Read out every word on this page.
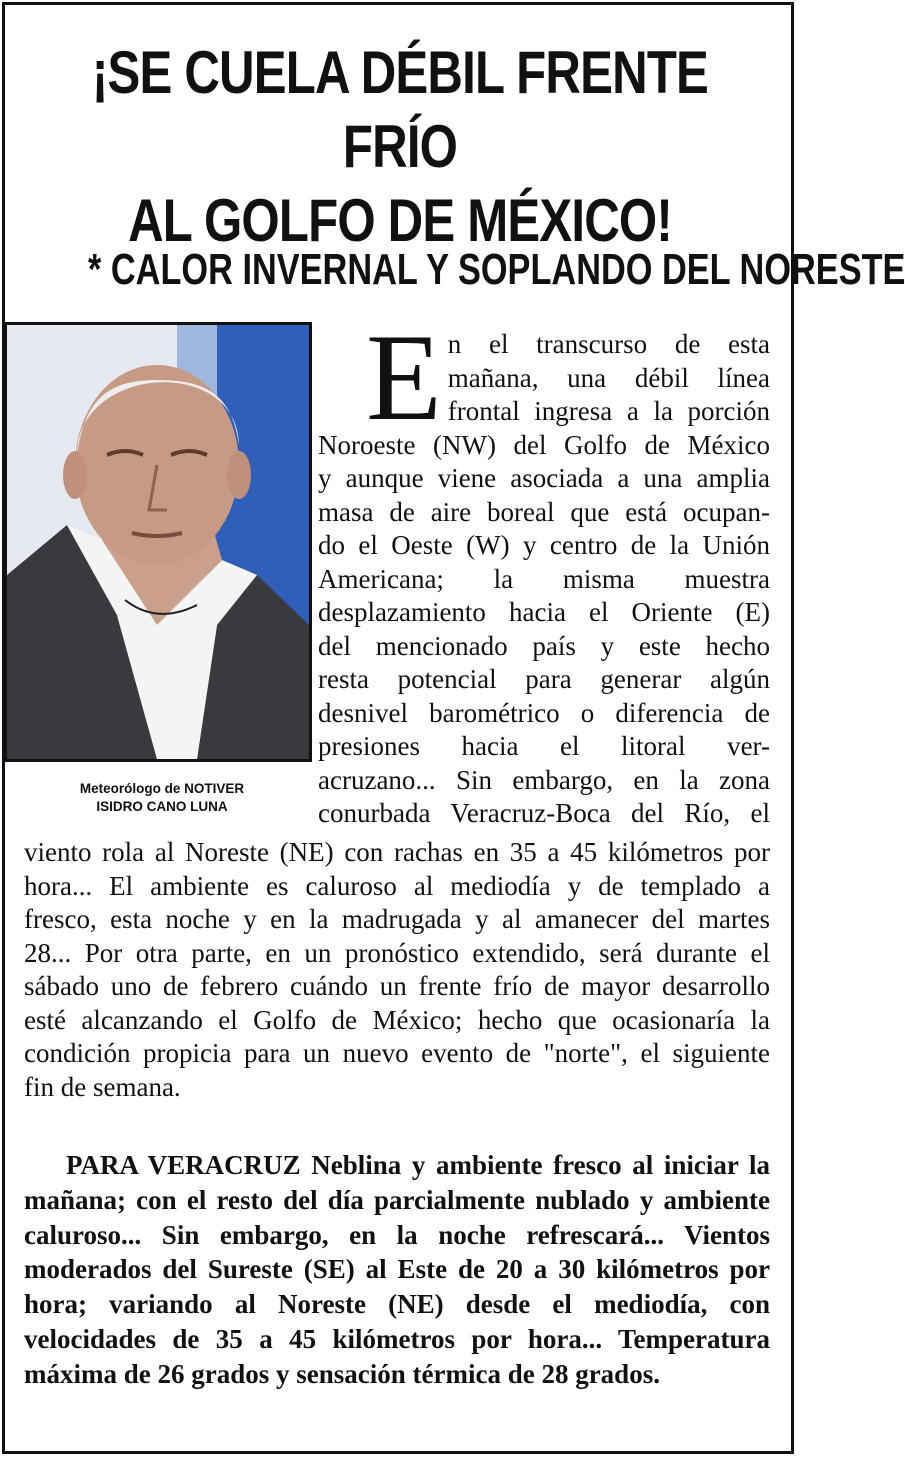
¡SE CUELA DÉBIL FRENTE FRÍO
AL GOLFO DE MÉXICO!
* CALOR INVERNAL Y SOPLANDO DEL NORESTE
Meteorólogo de NOTIVER
ISIDRO CANO LUNA
E n el transcurso de esta
mañana, una débil línea
frontal ingresa a la porción
Noroeste (NW) del Golfo de México
y aunque viene asociada a una amplia
masa de aire boreal que está ocupan-
do el Oeste (W) y centro de la Unión
Americana; la misma muestra
desplazamiento hacia el Oriente (E)
del mencionado país y este hecho
resta potencial para generar algún
desnivel barométrico o diferencia de
presiones hacia el litoral ver-
acruzano... Sin embargo, en la zona
conurbada Veracruz-Boca del Río, el
viento rola al Noreste (NE) con rachas en 35 a 45 kilómetros por
hora... El ambiente es caluroso al mediodía y de templado a
fresco, esta noche y en la madrugada y al amanecer del martes
28... Por otra parte, en un pronóstico extendido, será durante el
sábado uno de febrero cuándo un frente frío de mayor desarrollo
esté alcanzando el Golfo de México; hecho que ocasionaría la
condición propicia para un nuevo evento de "norte", el siguiente
fin de semana.
PARA VERACRUZ Neblina y ambiente fresco al iniciar la mañana; con el resto del día parcialmente nublado y ambiente caluroso... Sin embargo, en la noche refrescará... Vientos moderados del Sureste (SE) al Este de 20 a 30 kilómetros por hora; variando al Noreste (NE) desde el mediodía, con velocidades de 35 a 45 kilómetros por hora... Temperatura máxima de 26 grados y sensación térmica de 28 grados.
